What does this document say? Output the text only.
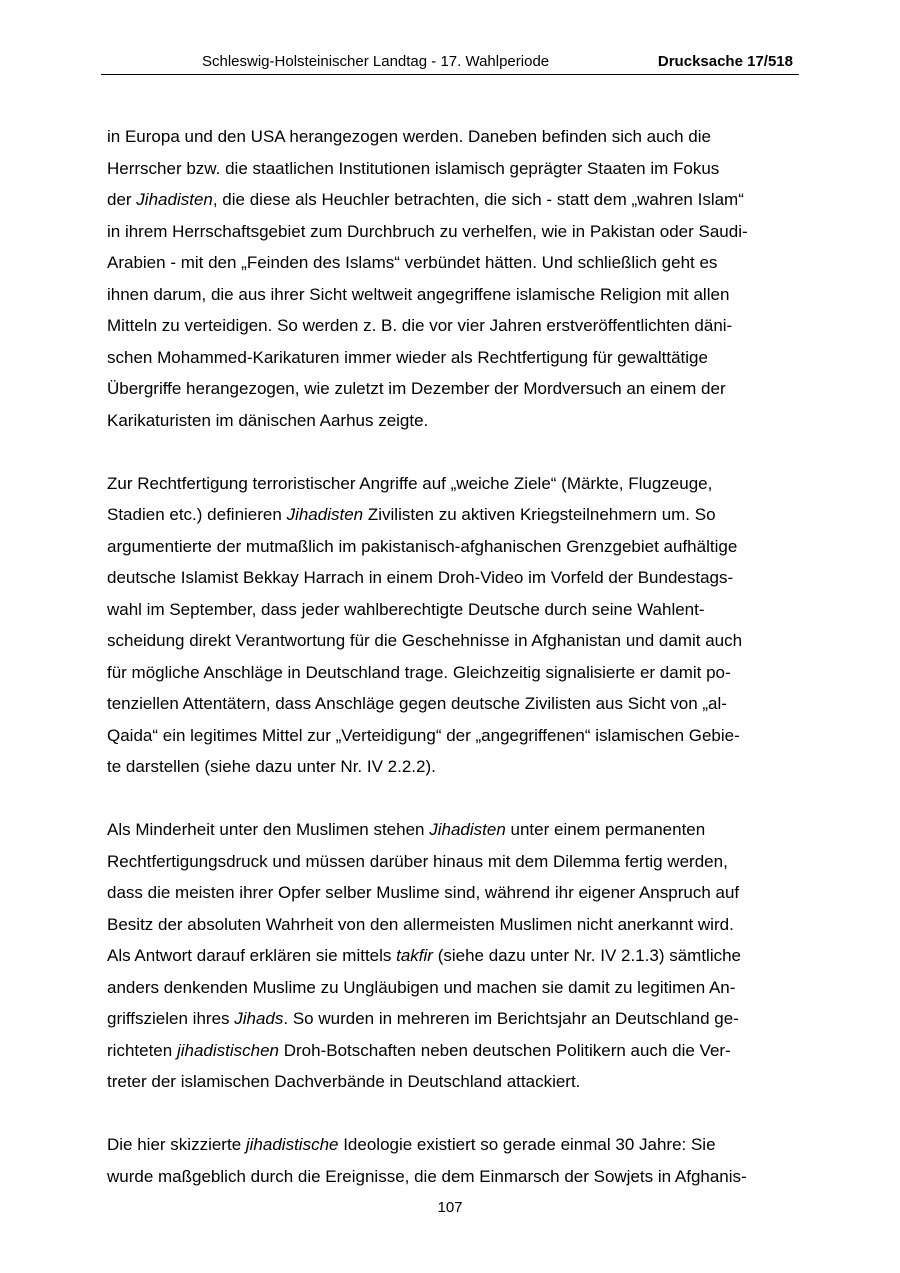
Schleswig-Holsteinischer Landtag - 17. Wahlperiode	Drucksache 17/518
in Europa und den USA herangezogen werden. Daneben befinden sich auch die
Herrscher bzw. die staatlichen Institutionen islamisch geprägter Staaten im Fokus
der Jihadisten, die diese als Heuchler betrachten, die sich - statt dem „wahren Islam“
in ihrem Herrschaftsgebiet zum Durchbruch zu verhelfen, wie in Pakistan oder Saudi-
Arabien - mit den „Feinden des Islams“ verbündet hätten. Und schließlich geht es
ihnen darum, die aus ihrer Sicht weltweit angegriffene islamische Religion mit allen
Mitteln zu verteidigen. So werden z. B. die vor vier Jahren erstveröffentlichten däni-
schen Mohammed-Karikaturen immer wieder als Rechtfertigung für gewalttätige
Übergriffe herangezogen, wie zuletzt im Dezember der Mordversuch an einem der
Karikaturisten im dänischen Aarhus zeigte.
Zur Rechtfertigung terroristischer Angriffe auf „weiche Ziele“ (Märkte, Flugzeuge,
Stadien etc.) definieren Jihadisten Zivilisten zu aktiven Kriegsteilnehmern um. So
argumentierte der mutmaßlich im pakistanisch-afghanischen Grenzgebiet aufhältige
deutsche Islamist Bekkay Harrach in einem Droh-Video im Vorfeld der Bundestags-
wahl im September, dass jeder wahlberechtigte Deutsche durch seine Wahlent-
scheidung direkt Verantwortung für die Geschehnisse in Afghanistan und damit auch
für mögliche Anschläge in Deutschland trage. Gleichzeitig signalisierte er damit po-
tenziellen Attentätern, dass Anschläge gegen deutsche Zivilisten aus Sicht von „al-
Qaida“ ein legitimes Mittel zur „Verteidigung“ der „angegriffenen“ islamischen Gebie-
te darstellen (siehe dazu unter Nr. IV 2.2.2).
Als Minderheit unter den Muslimen stehen Jihadisten unter einem permanenten
Rechtfertigungsdruck und müssen darüber hinaus mit dem Dilemma fertig werden,
dass die meisten ihrer Opfer selber Muslime sind, während ihr eigener Anspruch auf
Besitz der absoluten Wahrheit von den allermeisten Muslimen nicht anerkannt wird.
Als Antwort darauf erklären sie mittels takfir (siehe dazu unter Nr. IV 2.1.3) sämtliche
anders denkenden Muslime zu Ungläubigen und machen sie damit zu legitimen An-
griffszielen ihres Jihads. So wurden in mehreren im Berichtsjahr an Deutschland ge-
richteten jihadistischen Droh-Botschaften neben deutschen Politikern auch die Ver-
treter der islamischen Dachverbände in Deutschland attackiert.
Die hier skizzierte jihadistische Ideologie existiert so gerade einmal 30 Jahre: Sie
wurde maßgeblich durch die Ereignisse, die dem Einmarsch der Sowjets in Afghanis-
107
